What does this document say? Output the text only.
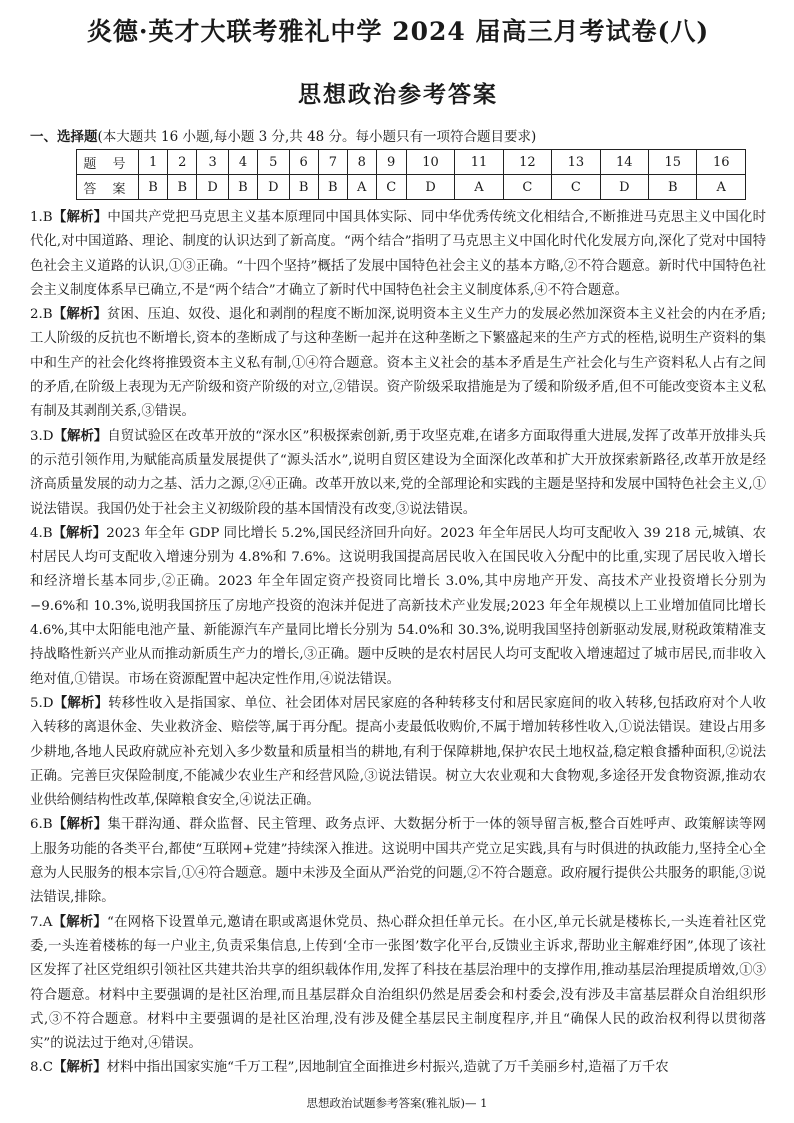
炎德·英才大联考雅礼中学 2024 届高三月考试卷(八)
思想政治参考答案
一、选择题(本大题共 16 小题,每小题 3 分,共 48 分。每小题只有一项符合题目要求)
题 号	1	2	3	4	5	6	7	8	9	10	11	12	13	14	15	16
答 案	B	B	D	B	D	B	B	A	C	D	A	C	C	D	B	A

1.B【解析】中国共产党把马克思主义基本原理同中国具体实际、同中华优秀传统文化相结合,不断推进马克思主义中国化时代化,对中国道路、理论、制度的认识达到了新高度。“两个结合”指明了马克思主义中国化时代化发展方向,深化了党对中国特色社会主义道路的认识,①③正确。“十四个坚持”概括了发展中国特色社会主义的基本方略,②不符合题意。新时代中国特色社会主义制度体系早已确立,不是“两个结合”才确立了新时代中国特色社会主义制度体系,④不符合题意。

2.B【解析】贫困、压迫、奴役、退化和剥削的程度不断加深,说明资本主义生产力的发展必然加深资本主义社会的内在矛盾;工人阶级的反抗也不断增长,资本的垄断成了与这种垄断一起并在这种垄断之下繁盛起来的生产方式的桎梏,说明生产资料的集中和生产的社会化终将推毁资本主义私有制,①④符合题意。资本主义社会的基本矛盾是生产社会化与生产资料私人占有之间的矛盾,在阶级上表现为无产阶级和资产阶级的对立,②错误。资产阶级采取措施是为了缓和阶级矛盾,但不可能改变资本主义私有制及其剥削关系,③错误。

3.D【解析】自贸试验区在改革开放的“深水区”积极探索创新,勇于攻坚克难,在诸多方面取得重大进展,发挥了改革开放排头兵的示范引领作用,为赋能高质量发展提供了“源头活水”,说明自贸区建设为全面深化改革和扩大开放探索新路径,改革开放是经济高质量发展的动力之基、活力之源,②④正确。改革开放以来,党的全部理论和实践的主题是坚持和发展中国特色社会主义,①说法错误。我国仍处于社会主义初级阶段的基本国情没有改变,③说法错误。

4.B【解析】2023 年全年 GDP 同比增长 5.2%,国民经济回升向好。2023 年全年居民人均可支配收入 39 218 元,城镇、农村居民人均可支配收入增速分别为 4.8%和 7.6%。这说明我国提高居民收入在国民收入分配中的比重,实现了居民收入增长和经济增长基本同步,②正确。2023 年全年固定资产投资同比增长 3.0%,其中房地产开发、高技术产业投资增长分别为−9.6%和 10.3%,说明我国挤压了房地产投资的泡沫并促进了高新技术产业发展;2023 年全年规模以上工业增加值同比增长 4.6%,其中太阳能电池产量、新能源汽车产量同比增长分别为 54.0%和 30.3%,说明我国坚持创新驱动发展,财税政策精准支持战略性新兴产业从而推动新质生产力的增长,③正确。题中反映的是农村居民人均可支配收入增速超过了城市居民,而非收入绝对值,①错误。市场在资源配置中起决定性作用,④说法错误。

5.D【解析】转移性收入是指国家、单位、社会团体对居民家庭的各种转移支付和居民家庭间的收入转移,包括政府对个人收入转移的离退休金、失业救济金、赔偿等,属于再分配。提高小麦最低收购价,不属于增加转移性收入,①说法错误。建设占用多少耕地,各地人民政府就应补充划入多少数量和质量相当的耕地,有利于保障耕地,保护农民土地权益,稳定粮食播种面积,②说法正确。完善巨灾保险制度,不能减少农业生产和经营风险,③说法错误。树立大农业观和大食物观,多途径开发食物资源,推动农业供给侧结构性改革,保障粮食安全,④说法正确。

6.B【解析】集干群沟通、群众监督、民主管理、政务点评、大数据分析于一体的领导留言板,整合百姓呼声、政策解读等网上服务功能的各类平台,都使“互联网+党建”持续深入推进。这说明中国共产党立足实践,具有与时俱进的执政能力,坚持全心全意为人民服务的根本宗旨,①④符合题意。题中未涉及全面从严治党的问题,②不符合题意。政府履行提供公共服务的职能,③说法错误,排除。

7.A【解析】“在网格下设置单元,邀请在职或离退休党员、热心群众担任单元长。在小区,单元长就是楼栋长,一头连着社区党委,一头连着楼栋的每一户业主,负责采集信息,上传到‘全市一张图’数字化平台,反馈业主诉求,帮助业主解难纾困”,体现了该社区发挥了社区党组织引领社区共建共治共享的组织载体作用,发挥了科技在基层治理中的支撑作用,推动基层治理提质增效,①③符合题意。材料中主要强调的是社区治理,而且基层群众自治组织仍然是居委会和村委会,没有涉及丰富基层群众自治组织形式,③不符合题意。材料中主要强调的是社区治理,没有涉及健全基层民主制度程序,并且“确保人民的政治权利得以贯彻落实”的说法过于绝对,④错误。

8.C【解析】材料中指出国家实施“千万工程”,因地制宜全面推进乡村振兴,造就了万千美丽乡村,造福了万千农

思想政治试题参考答案(雅礼版)— 1
